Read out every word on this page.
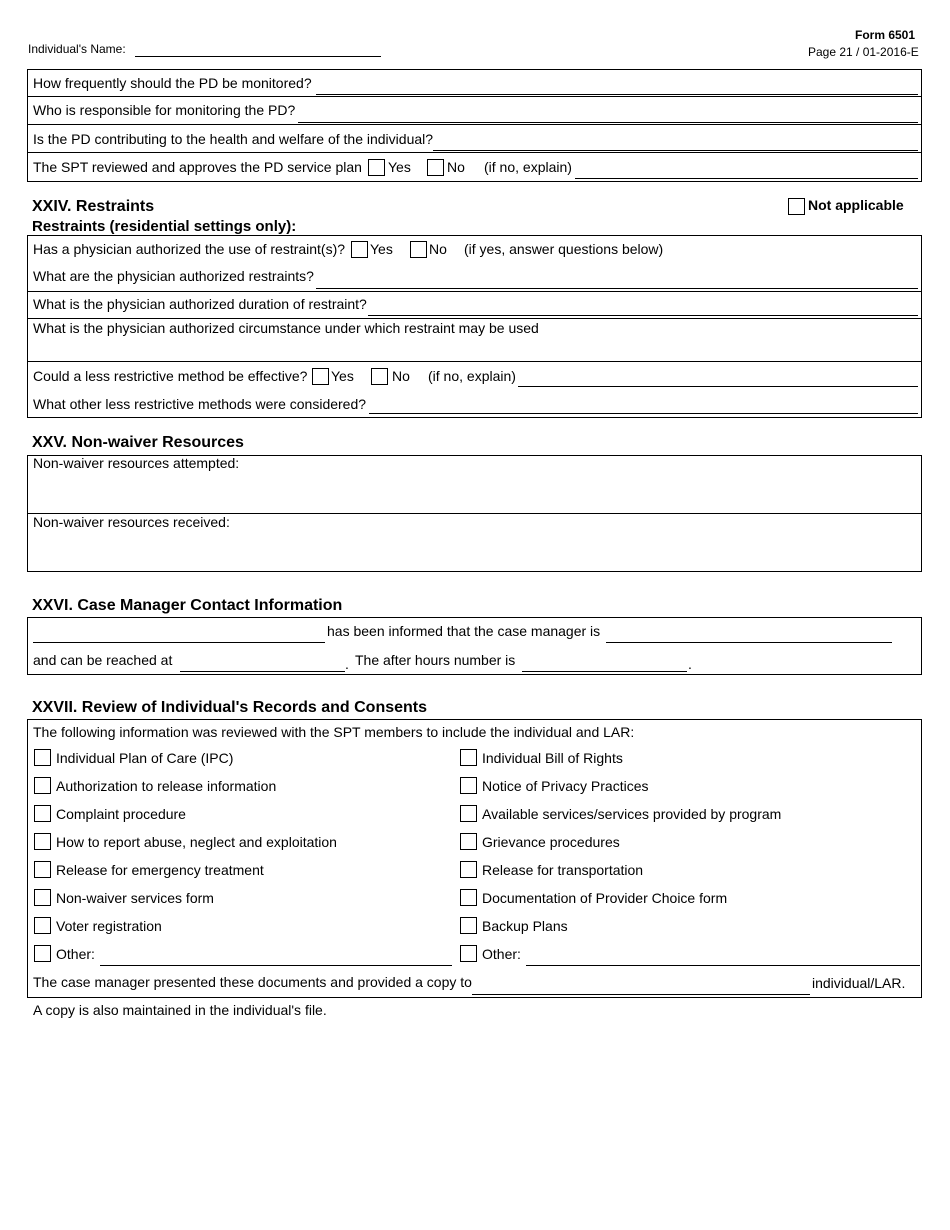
Form 6501
Page 21 / 01-2016-E
Individual's Name:
How frequently should the PD be monitored?
Who is responsible for monitoring the PD?
Is the PD contributing to the health and welfare of the individual?
The SPT reviewed and approves the PD service plan Yes	No (if no, explain)
XXIV. Restraints	Not applicable
Restraints (residential settings only):
Has a physician authorized the use of restraint(s)? Yes	No (if yes, answer questions below)
What are the physician authorized restraints?
What is the physician authorized duration of restraint?
What is the physician authorized circumstance under which restraint may be used
Could a less restrictive method be effective? Yes	No (if no, explain)
What other less restrictive methods were considered?
XXV. Non-waiver Resources
Non-waiver resources attempted:
Non-waiver resources received:
XXVI. Case Manager Contact Information
has been informed that the case manager is
and can be reached at	. The after hours number is	.
XXVII. Review of Individual's Records and Consents
The following information was reviewed with the SPT members to include the individual and LAR:
Individual Plan of Care (IPC)
Authorization to release information
Complaint procedure
How to report abuse, neglect and exploitation
Release for emergency treatment
Non-waiver services form
Voter registration
Other:
Individual Bill of Rights
Notice of Privacy Practices
Available services/services provided by program
Grievance procedures
Release for transportation
Documentation of Provider Choice form
Backup Plans
Other:
The case manager presented these documents and provided a copy to	individual/LAR.
A copy is also maintained in the individual's file.
